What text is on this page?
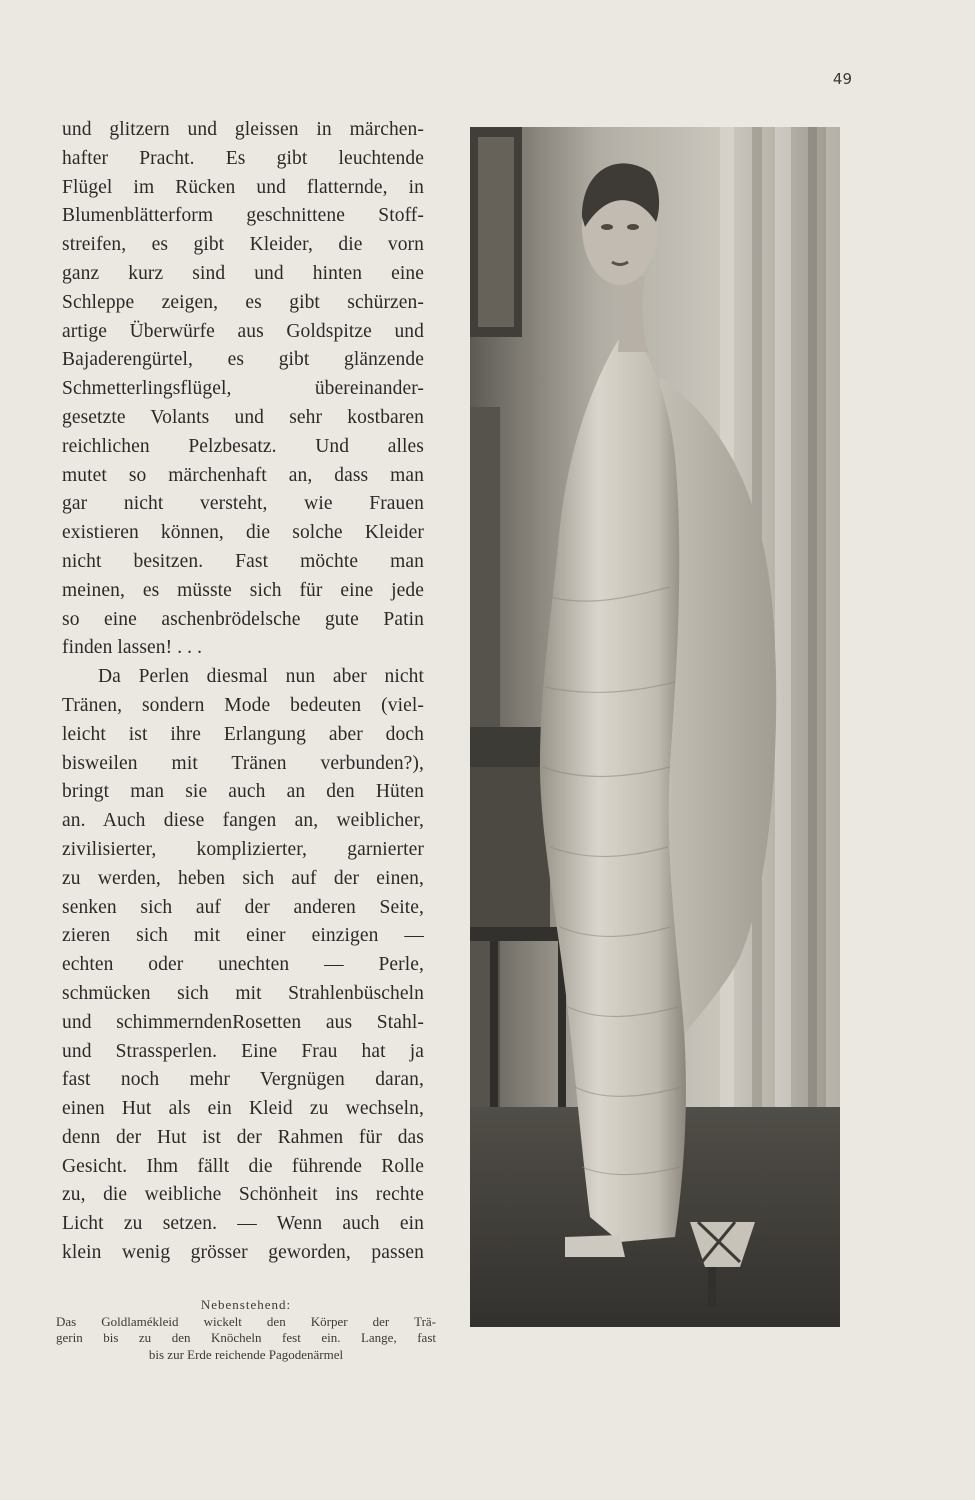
49
und glitzern und gleissen in märchen-
hafter Pracht. Es gibt leuchtende
Flügel im Rücken und flatternde, in
Blumenblätterform geschnittene Stoff-
streifen, es gibt Kleider, die vorn
ganz kurz sind und hinten eine
Schleppe zeigen, es gibt schürzen-
artige Überwürfe aus Goldspitze und
Bajaderengürtel, es gibt glänzende
Schmetterlingsflügel, übereinander-
gesetzte Volants und sehr kostbaren
reichlichen Pelzbesatz. Und alles
mutet so märchenhaft an, dass man
gar nicht versteht, wie Frauen
existieren können, die solche Kleider
nicht besitzen. Fast möchte man
meinen, es müsste sich für eine jede
so eine aschenbrödelsche gute Patin
finden lassen! . . .
Da Perlen diesmal nun aber nicht
Tränen, sondern Mode bedeuten (viel-
leicht ist ihre Erlangung aber doch
bisweilen mit Tränen verbunden?),
bringt man sie auch an den Hüten
an. Auch diese fangen an, weiblicher,
zivilisierter, komplizierter, garnierter
zu werden, heben sich auf der einen,
senken sich auf der anderen Seite,
zieren sich mit einer einzigen —
echten oder unechten — Perle,
schmücken sich mit Strahlenbüscheln
und schimmerndenRosetten aus Stahl-
und Strassperlen. Eine Frau hat ja
fast noch mehr Vergnügen daran,
einen Hut als ein Kleid zu wechseln,
denn der Hut ist der Rahmen für das
Gesicht. Ihm fällt die führende Rolle
zu, die weibliche Schönheit ins rechte
Licht zu setzen. — Wenn auch ein
klein wenig grösser geworden, passen
Nebenstehend:
Das Goldlamékleid wickelt den Körper der Trä-
gerin bis zu den Knöcheln fest ein. Lange, fast
bis zur Erde reichende Pagodenärmel
